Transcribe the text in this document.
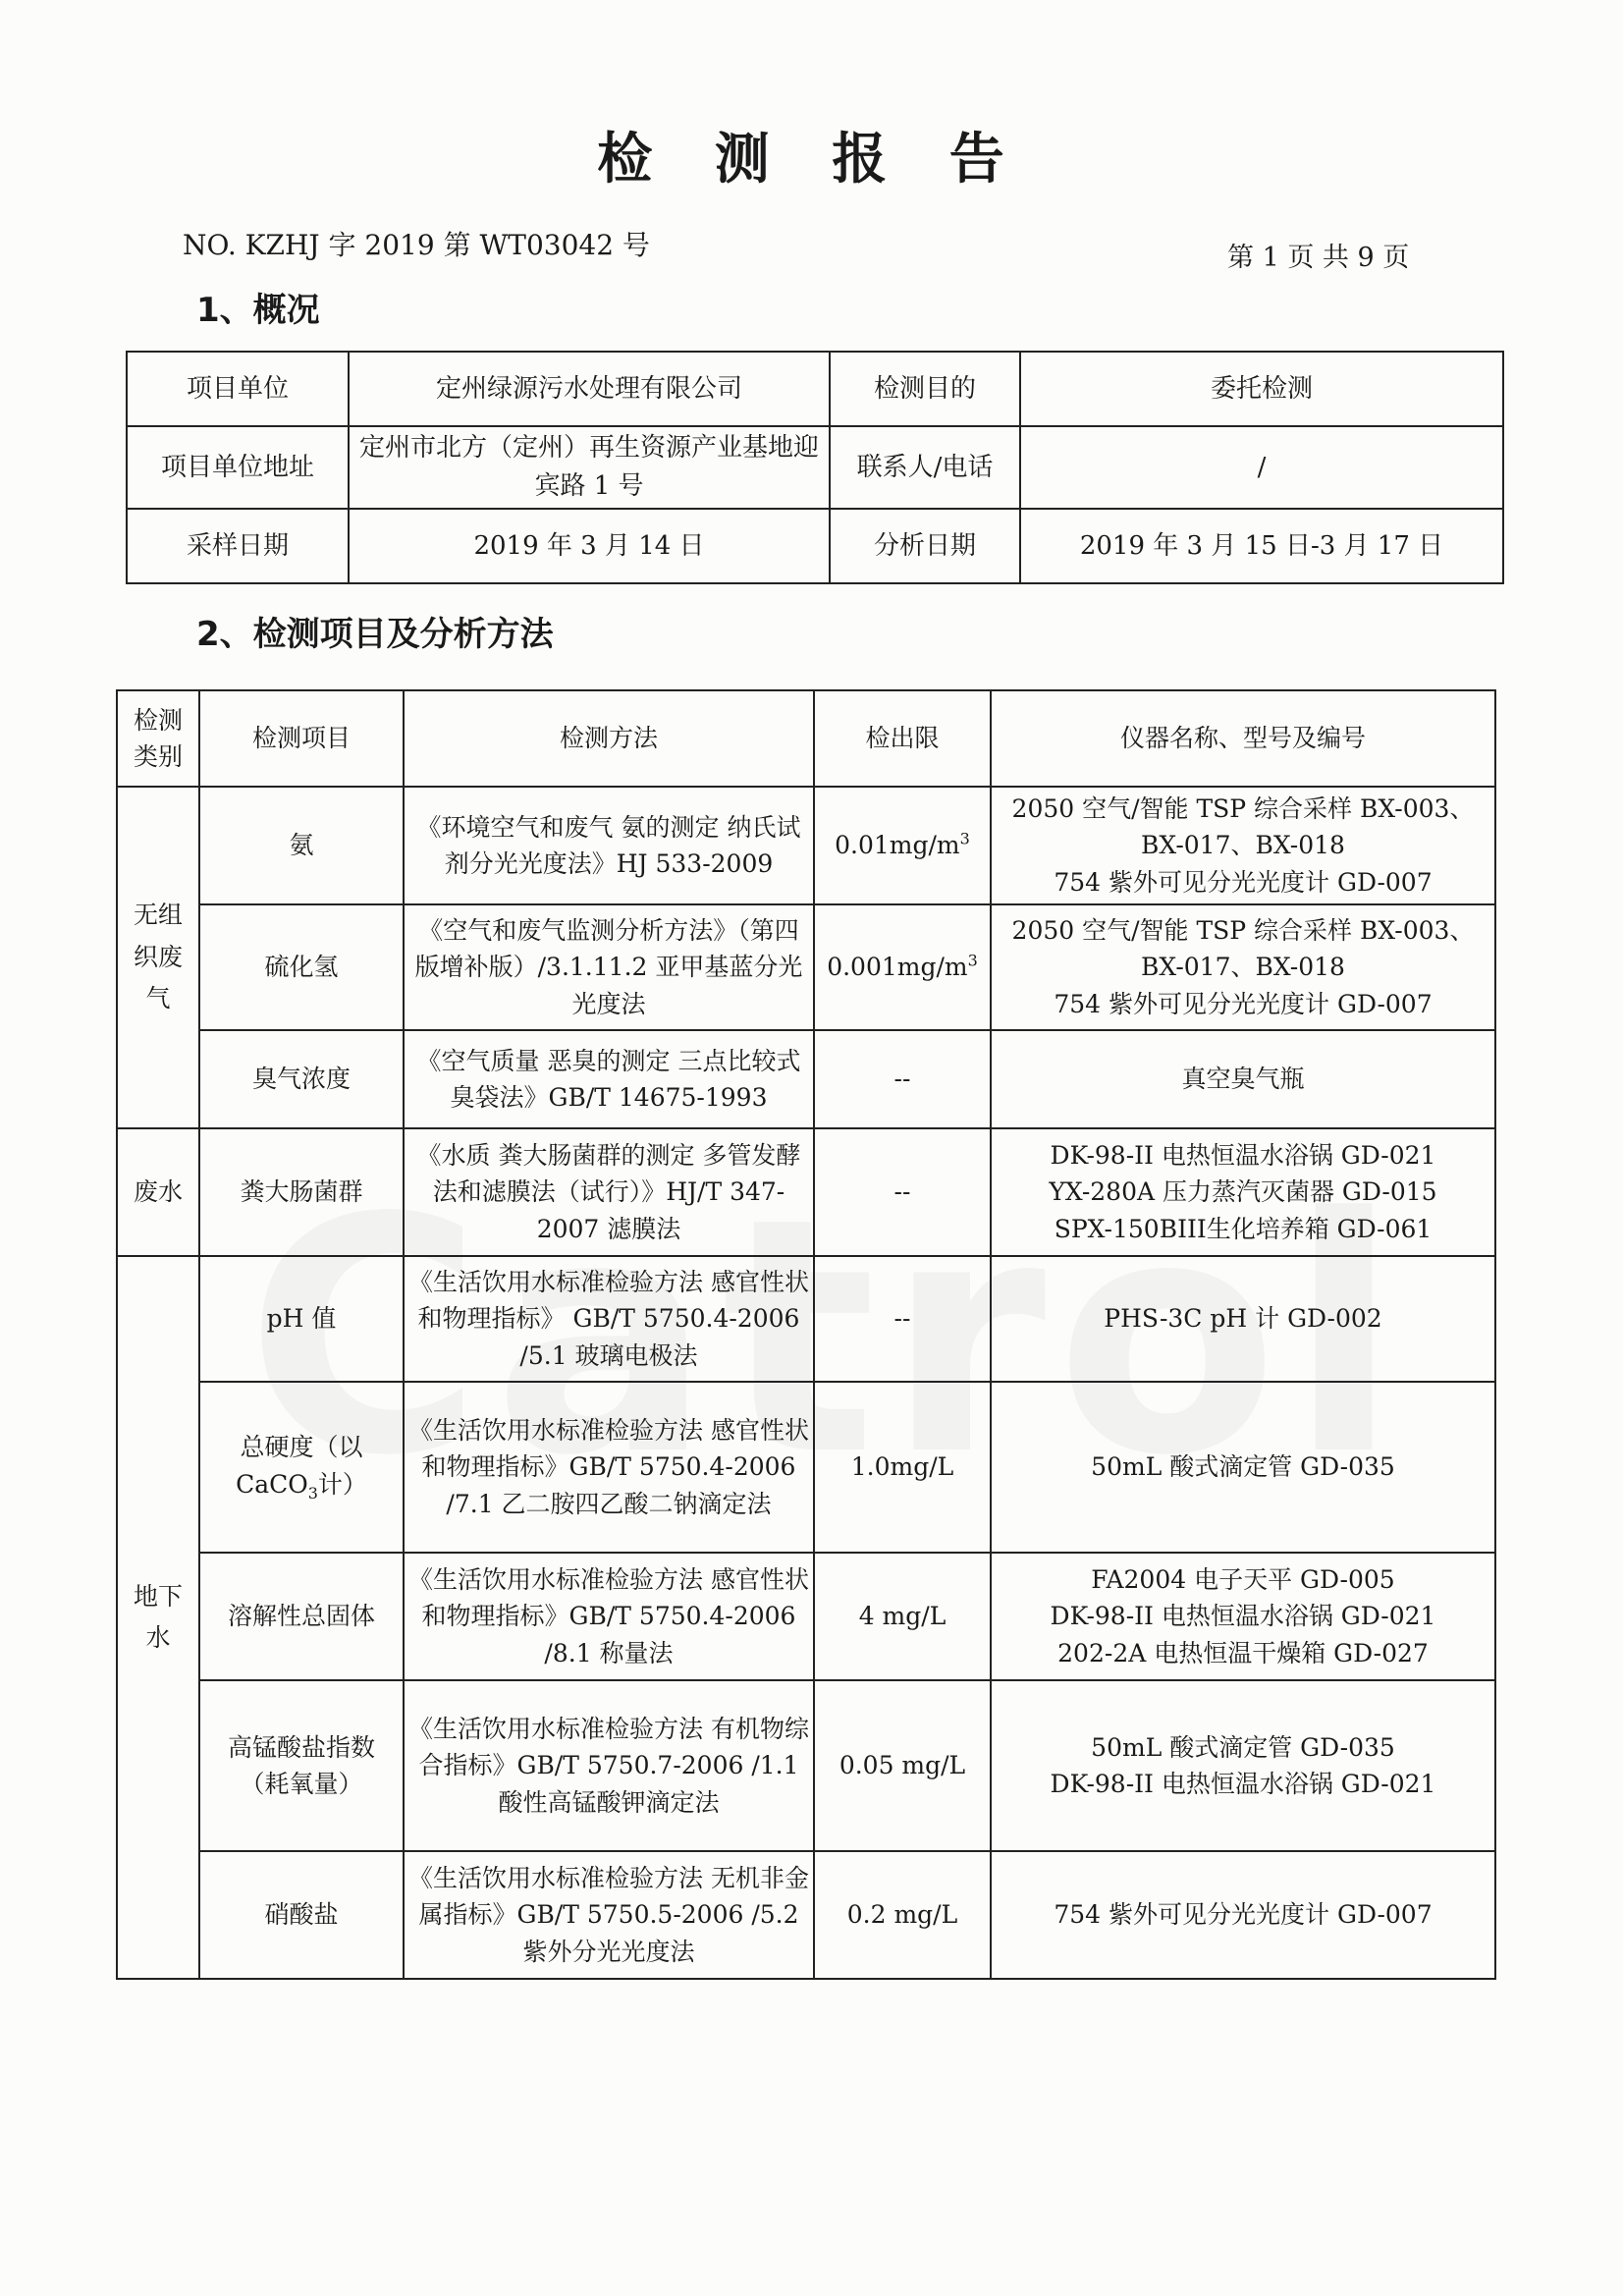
检 测 报 告
NO. KZHJ 字 2019 第 WT03042 号	第 1 页 共 9 页
1、概况
项目单位	定州绿源污水处理有限公司	检测目的	委托检测
项目单位地址	定州市北方（定州）再生资源产业基地迎宾路 1 号	联系人/电话	/
采样日期	2019 年 3 月 14 日	分析日期	2019 年 3 月 15 日-3 月 17 日
2、检测项目及分析方法
检测类别	检测项目	检测方法	检出限	仪器名称、型号及编号
无组织废气	氨	《环境空气和废气 氨的测定 纳氏试剂分光光度法》HJ 533-2009	$0.01mg/m^3$	2050 空气/智能 TSP 综合采样 BX-003、
BX-017、BX-018
754 紫外可见分光光度计 GD-007

	硫化氢	《空气和废气监测分析方法》（第四版增补版）/3.1.11.2 亚甲基蓝分光光度法	$0.001mg/m^3$	2050 空气/智能 TSP 综合采样 BX-003、
BX-017、BX-018
754 紫外可见分光光度计 GD-007

	臭气浓度	《空气质量 恶臭的测定 三点比较式臭袋法》GB/T 14675-1993	--	真空臭气瓶

废水	粪大肠菌群	《水质 粪大肠菌群的测定 多管发酵法和滤膜法（试行）》HJ/T 347-2007 滤膜法	--	DK-98-II 电热恒温水浴锅 GD-021
YX-280A 压力蒸汽灭菌器 GD-015
SPX-150BIII生化培养箱 GD-061

地下水	pH 值	《生活饮用水标准检验方法 感官性状和物理指标》 GB/T 5750.4-2006 /5.1 玻璃电极法	--	PHS-3C pH 计 GD-002

	总硬度（以CaCO$_3$计）	《生活饮用水标准检验方法 感官性状和物理指标》GB/T 5750.4-2006 /7.1 乙二胺四乙酸二钠滴定法	1.0mg/L	50mL 酸式滴定管 GD-035

	溶解性总固体	《生活饮用水标准检验方法 感官性状和物理指标》GB/T 5750.4-2006 /8.1 称量法	4 mg/L	FA2004 电子天平 GD-005
DK-98-II 电热恒温水浴锅 GD-021
202-2A 电热恒温干燥箱 GD-027

	高锰酸盐指数（耗氧量）	《生活饮用水标准检验方法 有机物综合指标》GB/T 5750.7-2006 /1.1 酸性高锰酸钾滴定法	0.05 mg/L	50mL 酸式滴定管 GD-035
DK-98-II 电热恒温水浴锅 GD-021

	硝酸盐	《生活饮用水标准检验方法 无机非金属指标》GB/T 5750.5-2006 /5.2 紫外分光光度法	0.2 mg/L	754 紫外可见分光光度计 GD-007
